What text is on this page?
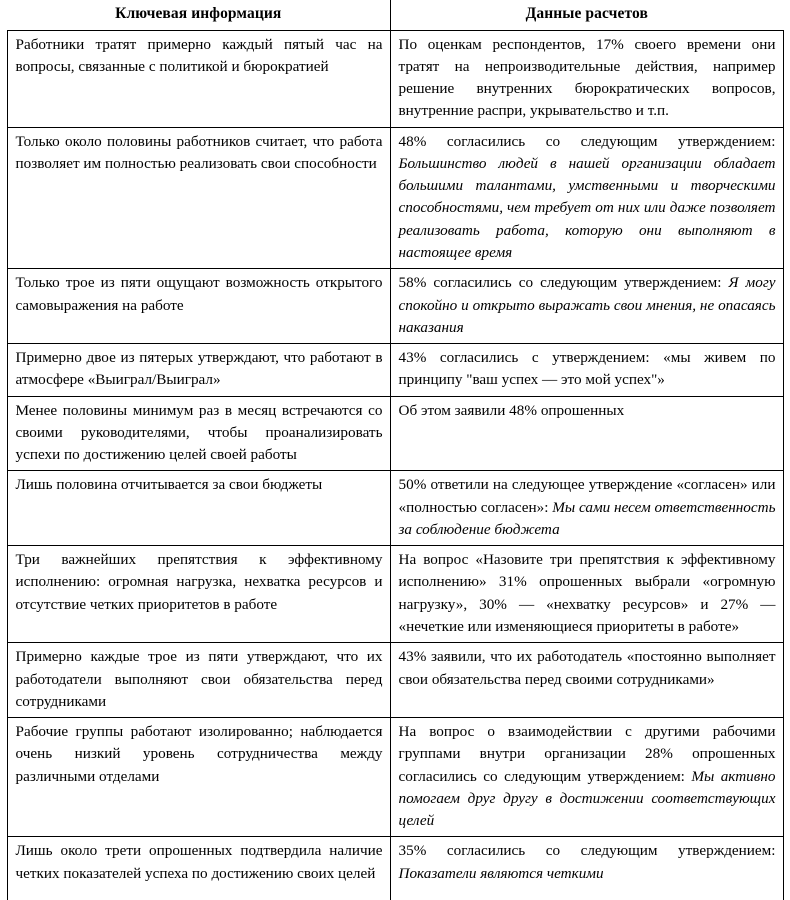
Ключевая информация	Данные расчетов

Работники тратят примерно каждый пятый час на вопросы, связанные с политикой и бюрократией	По оценкам респондентов, 17% своего времени они тратят на непроизводительные действия, например решение внутренних бюрократических вопросов, внутренние распри, укрывательство и т.п.

Только около половины работников считает, что работа позволяет им полностью реализовать свои способности	48% согласились со следующим утверждением: Большинство людей в нашей организации обладает большими талантами, умственными и творческими способностями, чем требует от них или даже позволяет реализовать работа, которую они выполняют в настоящее время

Только трое из пяти ощущают возможность открытого самовыражения на работе	58% согласились со следующим утверждением: Я могу спокойно и открыто выражать свои мнения, не опасаясь наказания

Примерно двое из пятерых утверждают, что работают в атмосфере «Выиграл/Выиграл»	43% согласились с утверждением: «мы живем по принципу "ваш успех — это мой успех"»

Менее половины минимум раз в месяц встречаются со своими руководителями, чтобы проанализировать успехи по достижению целей своей работы	Об этом заявили 48% опрошенных

Лишь половина отчитывается за свои бюджеты	50% ответили на следующее утверждение «согласен» или «полностью согласен»: Мы сами несем ответственность за соблюдение бюджета

Три важнейших препятствия к эффективному исполнению: огромная нагрузка, нехватка ресурсов и отсутствие четких приоритетов в работе	На вопрос «Назовите три препятствия к эффективному исполнению» 31% опрошенных выбрали «огромную нагрузку», 30% — «нехватку ресурсов» и 27% — «нечеткие или изменяющиеся приоритеты в работе»

Примерно каждые трое из пяти утверждают, что их работодатели выполняют свои обязательства перед сотрудниками	43% заявили, что их работодатель «постоянно выполняет свои обязательства перед своими сотрудниками»

Рабочие группы работают изолированно; наблюдается очень низкий уровень сотрудничества между различными отделами	На вопрос о взаимодействии с другими рабочими группами внутри организации 28% опрошенных согласились со следующим утверждением: Мы активно помогаем друг другу в достижении соответствующих целей

Лишь около трети опрошенных подтвердила наличие четких показателей успеха по достижению своих целей	35% согласились со следующим утверждением: Показатели являются четкими
